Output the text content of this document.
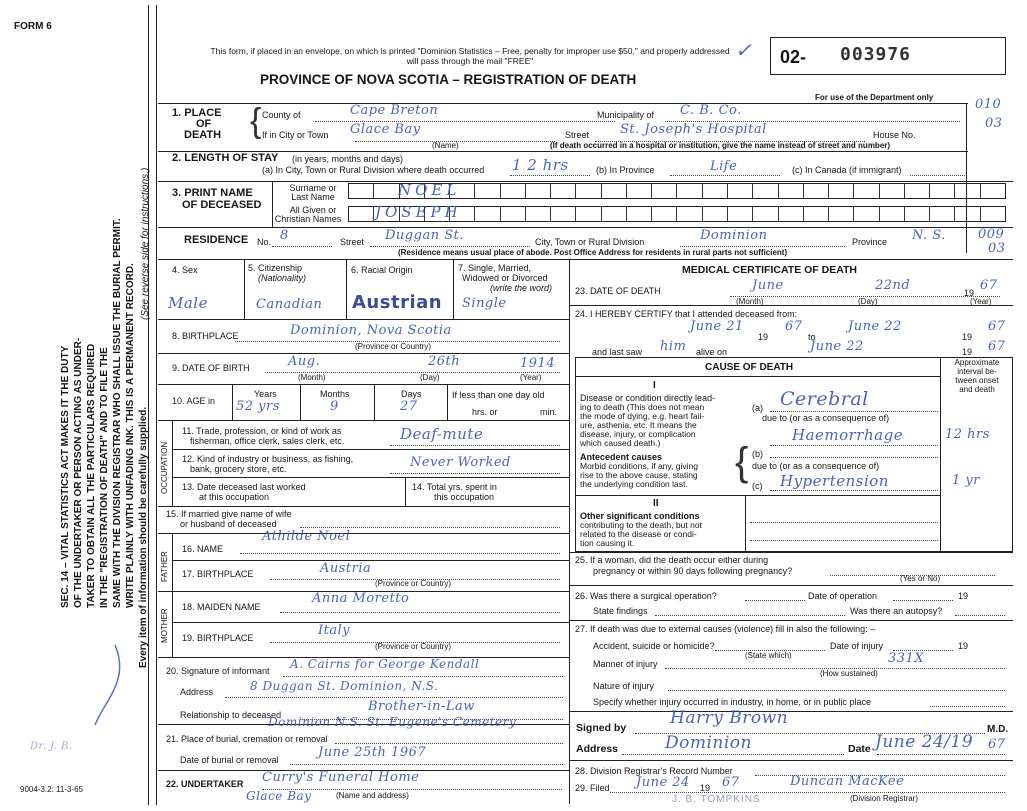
FORM 6
SEC. 14 – VITAL STATISTICS ACT MAKES IT THE DUTY OF THE UNDERTAKER OR PERSON ACTING AS UNDER- TAKER TO OBTAIN ALL THE PARTICULARS REQUIRED IN THE "REGISTRATION OF DEATH" AND TO FILE THE SAME WITH THE DIVISION REGISTRAR WHO SHALL ISSUE THE BURIAL PERMIT. WRITE PLAINLY WITH UNFADING INK. THIS IS A PERMANENT RECORD. Every item of information should be carefully supplied.
(See reverse side for instructions.)
Dr. J. B.
9004-3.2: 11-3-65
This form, if placed in an envelope, on which is printed "Dominion Statistics – Free, penalty for improper use $50," and properly addressed will pass through the mail "FREE"
PROVINCE OF NOVA SCOTIA – REGISTRATION OF DEATH
✓ 02- 003976
For use of the Department only	010
03
009
03
1. PLACE
OF
DEATH { County of	Cape Breton	Municipality of C. B. Co.
If in City or Town Glace Bay
(Name)
Street St. Joseph's Hospital	House No.
(If death occurred in a hospital or institution, give the name instead of street and number)
2. LENGTH OF STAY (in years, months and days)
(a) In City, Town or Rural Division where death occurred 1 2 hrs	(b) In Province	Life	(c) In Canada (if immigrant)
3. PRINT NAME
OF DECEASED
Surname or
Last Name	NOEL
All Given or
Christian Names	JOSEPH
RESIDENCE No. 8	Street Duggan St.	City, Town or Rural Division	Dominion	Province N. S.
(Residence means usual place of abode. Post Office Address for residents in rural parts not sufficient)
4. Sex
Male
5. Citizenship
(Nationality)
Canadian
6. Racial Origin
Austrian
7. Single, Married,
Widowed or Divorced
(write the word)
Single
8. BIRTHPLACE	Dominion, Nova Scotia
(Province or Country)
9. DATE OF BIRTH	Aug.	26th	1914
(Month)	(Day)	(Year)
10. AGE in
Years	Months	Days
52 yrs	9	27
If less than one day old
hrs. or	min.
OCCUPATION
11. Trade, profession, or kind of work as
fisherman, office clerk, sales clerk, etc.	Deaf-mute
12. Kind of industry or business, as fishing,
bank, grocery store, etc.	Never Worked
13. Date deceased last worked
at this occupation
14. Total yrs. spent in
this occupation
15. If married give name of wife
or husband of deceased
FATHER
16. NAME
Athilde Noel
17. BIRTHPLACE	Austria
(Province or Country)
MOTHER
18. MAIDEN NAME
Anna Moretto
19. BIRTHPLACE	Italy
(Province or Country)
20. Signature of informant A. Cairns for George Kendall
Address	8 Duggan St. Dominion, N.S.
Relationship to deceased
Brother-in-Law
Dominion N.S. St. Eugene's Cemetery
21. Place of burial, cremation or removal
Date of burial or removal	June 25th 1967
22. UNDERTAKER Curry's Funeral Home
Glace Bay	(Name and address)
MEDICAL CERTIFICATE OF DEATH
23. DATE OF DEATH	June	22nd	19 67
(Month)	(Day)	(Year)
24. I HEREBY CERTIFY that I attended deceased from:
June 21
19
67
to
June 22
19
67
and last saw him alive on	June 22	19 67
CAUSE OF DEATH	Approximate
interval be-
tween onset
and death
I
Disease or condition directly lead-
ing to death (This does not mean
the mode of dying, e.g. heart fail-
ure, asthenia, etc. It means the
disease, injury, or complication
which caused death.)
(a) Cerebral
due to (or as a consequence of)
Haemorrhage	12 hrs
Antecedent causes
Morbid conditions, if any, giving
rise to the above cause, stating
the underlying condition last. { (b)
due to (or as a consequence of)
Hypertension
(c)	1 yr
II
Other significant conditions
contributing to the death, but not
related to the disease or condi-
tion causing it.
25. If a woman, did the death occur either during
pregnancy or within 90 days following pregnancy?
(Yes or No)
26. Was there a surgical operation?	Date of operation	19
State findings	Was there an autopsy?
27. If death was due to external causes (violence) fill in also the following: –
Accident, suicide or homicide?
(State which)
Date of injury	19
Manner of injury	331X
(How sustained)
Nature of injury
Specify whether injury occurred in industry, in home, or in public place
Signed by	Harry Brown
M.D.
Address	Dominion	Date June 24/19 67
28. Division Registrar's Record Number
29. Filed June 24 19 67	Duncan MacKee
(Division Registrar)
J. B. TOMPKINS
